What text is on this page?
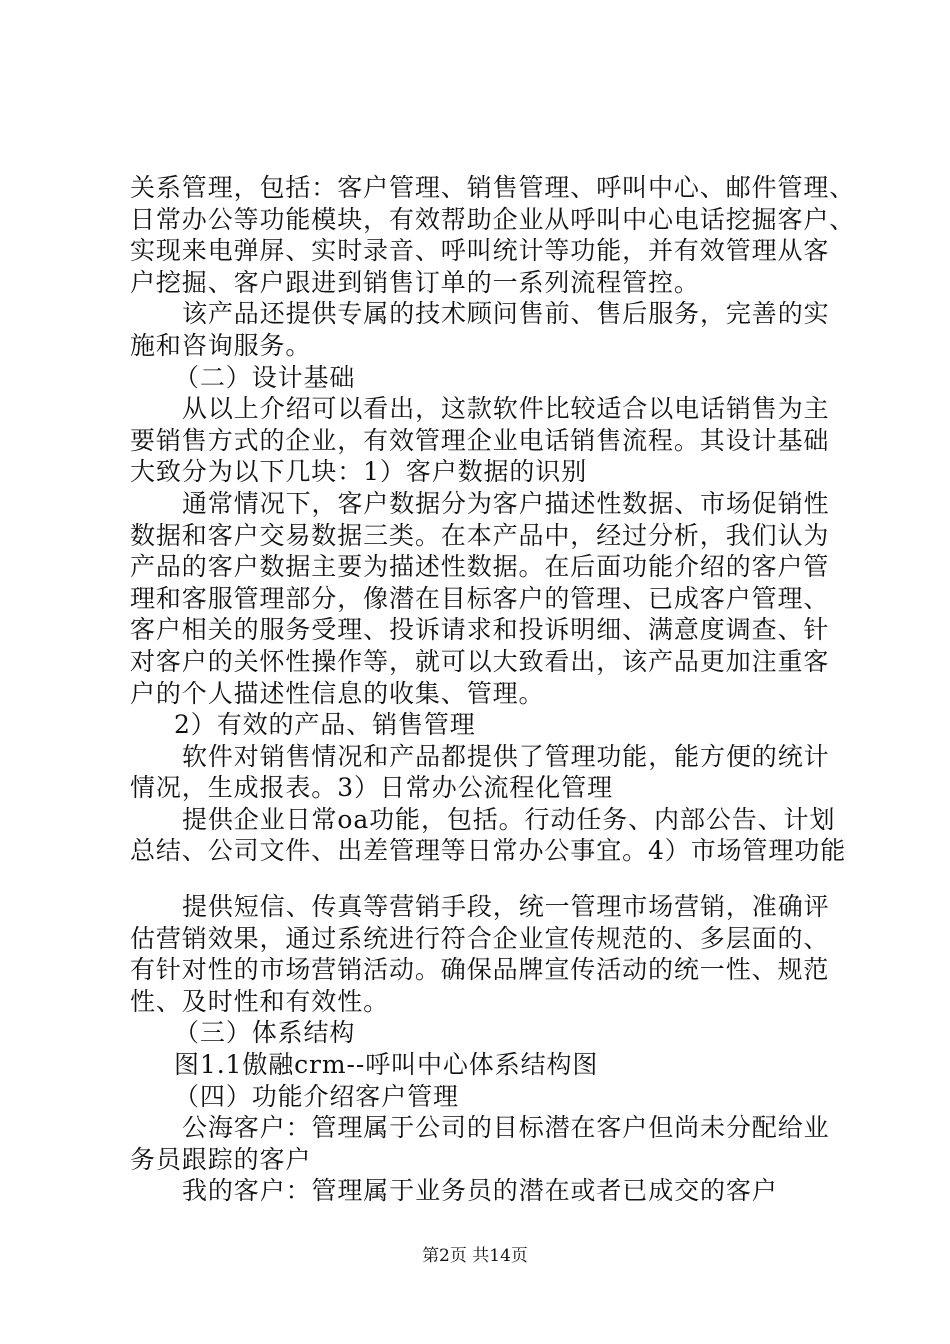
关系管理，包括：客户管理、销售管理、呼叫中心、邮件管理、
日常办公等功能模块，有效帮助企业从呼叫中心电话挖掘客户、
实现来电弹屏、实时录音、呼叫统计等功能，并有效管理从客
户挖掘、客户跟进到销售订单的一系列流程管控。
该产品还提供专属的技术顾问售前、售后服务，完善的实
施和咨询服务。
（二）设计基础
从以上介绍可以看出，这款软件比较适合以电话销售为主
要销售方式的企业，有效管理企业电话销售流程。其设计基础
大致分为以下几块：1）客户数据的识别
通常情况下，客户数据分为客户描述性数据、市场促销性
数据和客户交易数据三类。在本产品中，经过分析，我们认为
产品的客户数据主要为描述性数据。在后面功能介绍的客户管
理和客服管理部分，像潜在目标客户的管理、已成客户管理、
客户相关的服务受理、投诉请求和投诉明细、满意度调查、针
对客户的关怀性操作等，就可以大致看出，该产品更加注重客
户的个人描述性信息的收集、管理。
2）有效的产品、销售管理
软件对销售情况和产品都提供了管理功能，能方便的统计
情况，生成报表。3）日常办公流程化管理
提供企业日常oa功能，包括。行动任务、内部公告、计划
总结、公司文件、出差管理等日常办公事宜。4）市场管理功能
提供短信、传真等营销手段，统一管理市场营销，准确评
估营销效果，通过系统进行符合企业宣传规范的、多层面的、
有针对性的市场营销活动。确保品牌宣传活动的统一性、规范
性、及时性和有效性。
（三）体系结构
图1.1傲融crm--呼叫中心体系结构图
（四）功能介绍客户管理
公海客户：管理属于公司的目标潜在客户但尚未分配给业
务员跟踪的客户
我的客户：管理属于业务员的潜在或者已成交的客户
第2页 共14页
